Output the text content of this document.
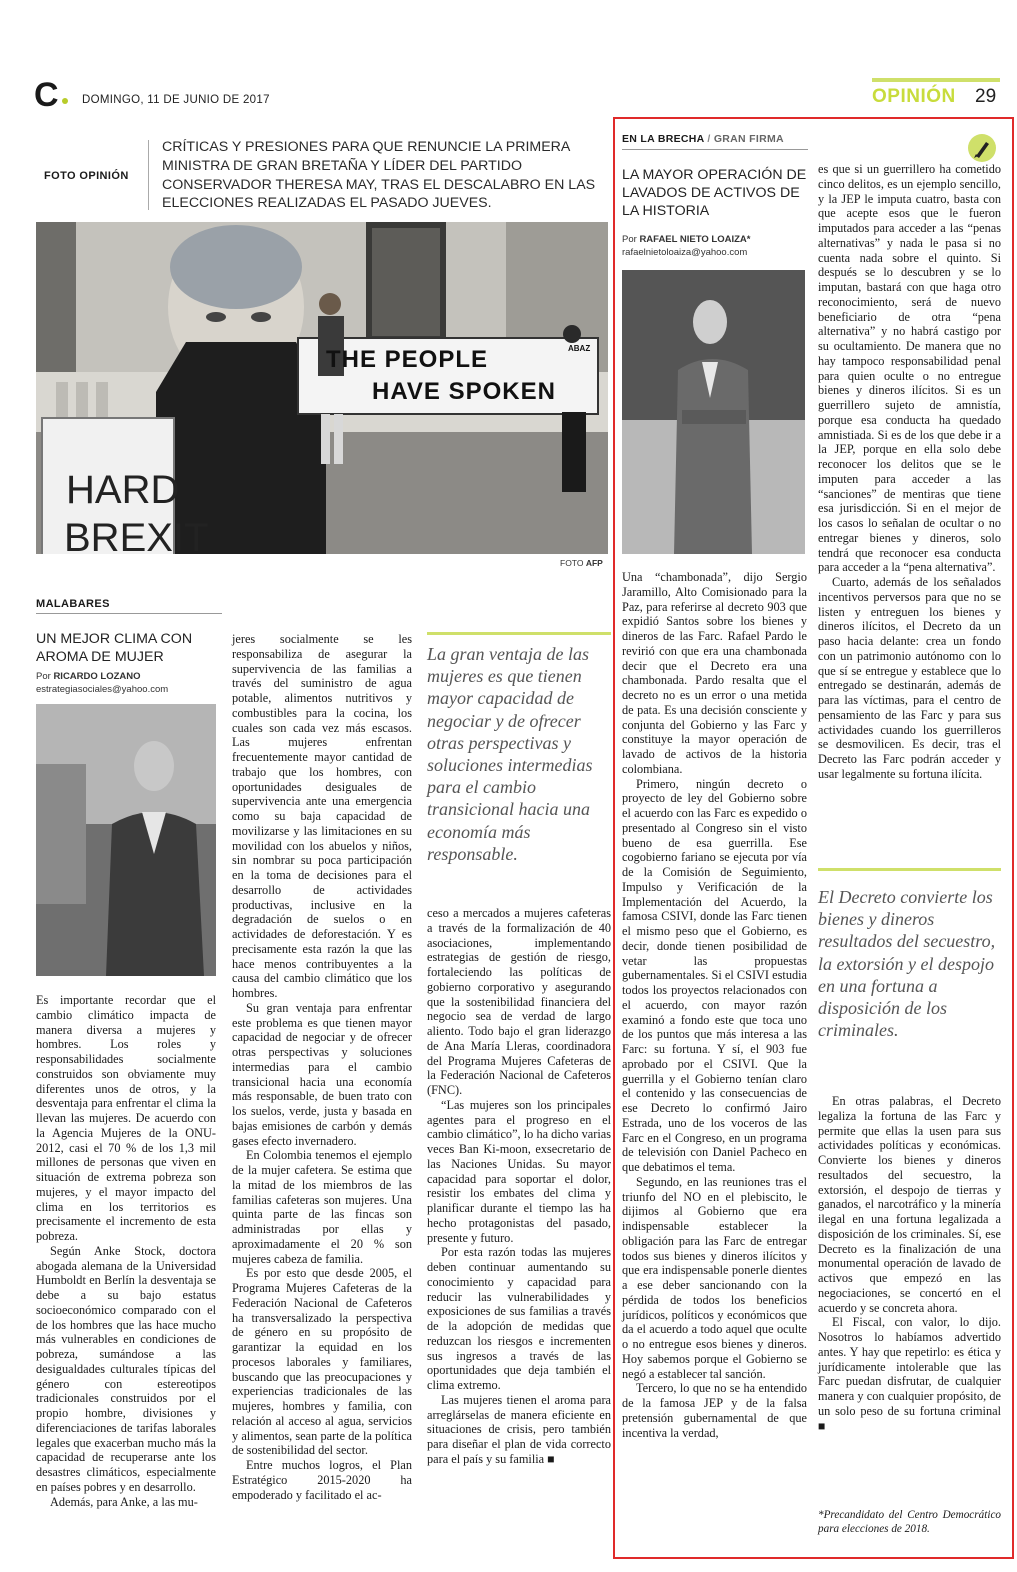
C DOMINGO, 11 DE JUNIO DE 2017	OPINIÓN 29
FOTO OPINIÓN
CRÍTICAS Y PRESIONES PARA QUE RENUNCIE LA PRIMERA MINISTRA DE GRAN BRETAÑA Y LÍDER DEL PARTIDO CONSERVADOR THERESA MAY, TRAS EL DESCALABRO EN LAS ELECCIONES REALIZADAS EL PASADO JUEVES.
THE PEOPLE
HAVE SPOKEN
ABAZ
HARD
BREXIT
FOTO AFP
MALABARES
UN MEJOR CLIMA CON AROMA DE MUJER
Por RICARDO LOZANO
estrategiasociales@yahoo.com

Es importante recordar que el cambio climático impacta de manera diversa a mujeres y hombres. Los roles y responsabilidades socialmente construidos son obviamente muy diferentes unos de otros, y la desventaja para enfrentar el clima la llevan las mujeres. De acuerdo con la Agencia Mujeres de la ONU-2012, casi el 70 % de los 1,3 mil millones de personas que viven en situación de extrema pobreza son mujeres, y el mayor impacto del clima en los territorios es precisamente el incremento de esta pobreza.

Según Anke Stock, doctora abogada alemana de la Universidad Humboldt en Berlín la desventaja se debe a su bajo estatus socioeconómico comparado con el de los hombres que las hace mucho más vulnerables en condiciones de pobreza, sumándose a las desigualdades culturales típicas del género con estereotipos tradicionales construidos por el propio hombre, divisiones y diferenciaciones de tarifas laborales legales que exacerban mucho más la capacidad de recuperarse ante los desastres climáticos, especialmente en países pobres y en desarrollo.

Además, para Anke, a las mu-

jeres socialmente se les responsabiliza de asegurar la supervivencia de las familias a través del suministro de agua potable, alimentos nutritivos y combustibles para la cocina, los cuales son cada vez más escasos. Las mujeres enfrentan frecuentemente mayor cantidad de trabajo que los hombres, con oportunidades desiguales de supervivencia ante una emergencia como su baja capacidad de movilizarse y las limitaciones en su movilidad con los abuelos y niños, sin nombrar su poca participación en la toma de decisiones para el desarrollo de actividades productivas, inclusive en la degradación de suelos o en actividades de deforestación. Y es precisamente esta razón la que las hace menos contribuyentes a la causa del cambio climático que los hombres.

Su gran ventaja para enfrentar este problema es que tienen mayor capacidad de negociar y de ofrecer otras perspectivas y soluciones intermedias para el cambio transicional hacia una economía más responsable, de buen trato con los suelos, verde, justa y basada en bajas emisiones de carbón y demás gases efecto invernadero.

En Colombia tenemos el ejemplo de la mujer cafetera. Se estima que la mitad de los miembros de las familias cafeteras son mujeres. Una quinta parte de las fincas son administradas por ellas y aproximadamente el 20 % son mujeres cabeza de familia.

Es por esto que desde 2005, el Programa Mujeres Cafeteras de la Federación Nacional de Cafeteros ha transversalizado la perspectiva de género en su propósito de garantizar la equidad en los procesos laborales y familiares, buscando que las preocupaciones y experiencias tradicionales de las mujeres, hombres y familia, con relación al acceso al agua, servicios y alimentos, sean parte de la política de sostenibilidad del sector.

Entre muchos logros, el Plan Estratégico 2015-2020 ha empoderado y facilitado el ac-

La gran ventaja de las mujeres es que tienen mayor capacidad de negociar y de ofrecer otras perspectivas y soluciones intermedias para el cambio transicional hacia una economía más responsable.

ceso a mercados a mujeres cafeteras a través de la formalización de 40 asociaciones, implementando estrategias de gestión de riesgo, fortaleciendo las políticas de gobierno corporativo y asegurando que la sostenibilidad financiera del negocio sea de verdad de largo aliento. Todo bajo el gran liderazgo de Ana María Lleras, coordinadora del Programa Mujeres Cafeteras de la Federación Nacional de Cafeteros (FNC).

“Las mujeres son los principales agentes para el progreso en el cambio climático”, lo ha dicho varias veces Ban Ki-moon, exsecretario de las Naciones Unidas. Su mayor capacidad para soportar el dolor, resistir los embates del clima y planificar durante el tiempo las ha hecho protagonistas del pasado, presente y futuro.

Por esta razón todas las mujeres deben continuar aumentando su conocimiento y capacidad para reducir las vulnerabilidades y exposiciones de sus familias a través de la adopción de medidas que reduzcan los riesgos e incrementen sus ingresos a través de las oportunidades que deja también el clima extremo.

Las mujeres tienen el aroma para arreglárselas de manera eficiente en situaciones de crisis, pero también para diseñar el plan de vida correcto para el país y su familia ■

EN LA BRECHA / GRAN FIRMA
LA MAYOR OPERACIÓN DE LAVADOS DE ACTIVOS DE LA HISTORIA
Por RAFAEL NIETO LOAIZA*
rafaelnietoloaiza@yahoo.com

Una “chambonada”, dijo Sergio Jaramillo, Alto Comisionado para la Paz, para referirse al decreto 903 que expidió Santos sobre los bienes y dineros de las Farc. Rafael Pardo le revirió con que era una chambonada decir que el Decreto era una chambonada. Pardo resalta que el decreto no es un error o una metida de pata. Es una decisión consciente y conjunta del Gobierno y las Farc y constituye la mayor operación de lavado de activos de la historia colombiana.

Primero, ningún decreto o proyecto de ley del Gobierno sobre el acuerdo con las Farc es expedido o presentado al Congreso sin el visto bueno de esa guerrilla. Ese cogobierno farianо se ejecuta por vía de la Comisión de Seguimiento, Impulso y Verificación de la Implementación del Acuerdo, la famosa CSIVI, donde las Farc tienen el mismo peso que el Gobierno, es decir, donde tienen posibilidad de vetar las propuestas gubernamentales. Si el CSIVI estudia todos los proyectos relacionados con el acuerdo, con mayor razón examinó a fondo este que toca uno de los puntos que más interesa a las Farc: su fortuna. Y sí, el 903 fue aprobado por el CSIVI. Que la guerrilla y el Gobierno tenían claro el contenido y las consecuencias de ese Decreto lo confirmó Jairo Estrada, uno de los voceros de las Farc en el Congreso, en un programa de televisión con Daniel Pacheco en que debatimos el tema.

Segundo, en las reuniones tras el triunfo del NO en el plebiscito, le dijimos al Gobierno que era indispensable establecer la obligación para las Farc de entregar todos sus bienes y dineros ilícitos y que era indispensable ponerle dientes a ese deber sancionando con la pérdida de todos los beneficios jurídicos, políticos y económicos que da el acuerdo a todo aquel que oculte o no entregue esos bienes y dineros. Hoy sabemos porque el Gobierno se negó a establecer tal sanción.

Tercero, lo que no se ha entendido de la famosa JEP y de la falsa pretensión gubernamental de que incentiva la verdad,

es que si un guerrillero ha cometido cinco delitos, es un ejemplo sencillo, y la JEP le imputa cuatro, basta con que acepte esos que le fueron imputados para acceder a las “penas alternativas” y nada le pasa si no cuenta nada sobre el quinto. Si después se lo descubren y se lo imputan, bastará con que haga otro reconocimiento, será de nuevo beneficiario de otra “pena alternativa” y no habrá castigo por su ocultamiento. De manera que no hay tampoco responsabilidad penal para quien oculte o no entregue bienes y dineros ilícitos. Si es un guerrillero sujeto de amnistía, porque esa conducta ha quedado amnistiada. Si es de los que debe ir a la JEP, porque en ella solo debe reconocer los delitos que se le imputen para acceder a las “sanciones” de mentiras que tiene esa jurisdicción. Si en el mejor de los casos lo señalan de ocultar o no entregar bienes y dineros, solo tendrá que reconocer esa conducta para acceder a la “pena alternativa”.

Cuarto, además de los señalados incentivos perversos para que no se listen y entreguen los bienes y dineros ilícitos, el Decreto da un paso hacia delante: crea un fondo con un patrimonio autónomo con lo que sí se entregue y establece que lo entregado se destinarán, además de para las víctimas, para el centro de pensamiento de las Farc y para sus actividades cuando los guerrilleros se desmovilicen. Es decir, tras el Decreto las Farc podrán acceder y usar legalmente su fortuna ilícita.

El Decreto convierte los bienes y dineros resultados del secuestro, la extorsión y el despojo en una fortuna a disposición de los criminales.

En otras palabras, el Decreto legaliza la fortuna de las Farc y permite que ellas la usen para sus actividades políticas y económicas. Convierte los bienes y dineros resultados del secuestro, la extorsión, el despojo de tierras y ganados, el narcotráfico y la minería ilegal en una fortuna legalizada a disposición de los criminales. Sí, ese Decreto es la finalización de una monumental operación de lavado de activos que empezó en las negociaciones, se concertó en el acuerdo y se concreta ahora.

El Fiscal, con valor, lo dijo. Nosotros lo habíamos advertido antes. Y hay que repetirlo: es ética y jurídicamente intolerable que las Farc puedan disfrutar, de cualquier manera y con cualquier propósito, de un solo peso de su fortuna criminal ■

*Precandidato del Centro Democrático para elecciones de 2018.
